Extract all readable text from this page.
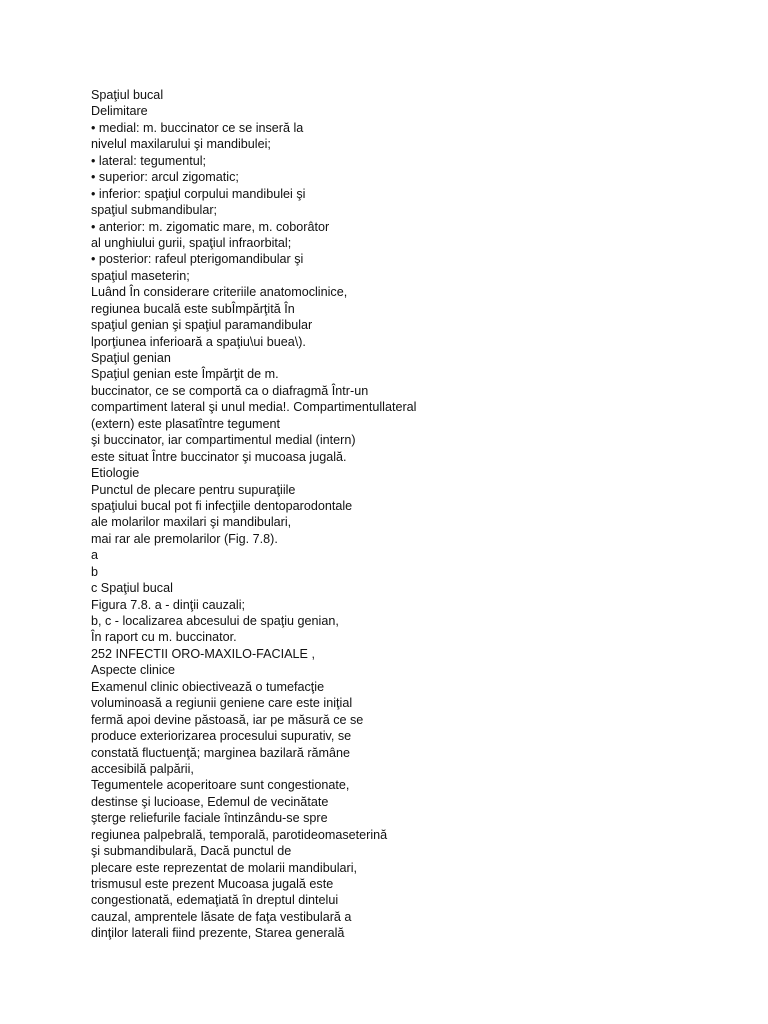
Spaţiul bucal
Delimitare
• medial: m. buccinator ce se inseră la
nivelul maxilarului şi mandibulei;
• lateral: tegumentul;
• superior: arcul zigomatic;
• inferior: spaţiul corpului mandibulei şi
spaţiul submandibular;
• anterior: m. zigomatic mare, m. coborâtor
al unghiului gurii, spaţiul infraorbital;
• posterior: rafeul pterigomandibular şi
spaţiul maseterin;
Luând În considerare criteriile anatomoclinice,
regiunea bucală este subÎmpărţită În
spaţiul genian şi spaţiul paramandibular
lporţiunea inferioară a spaţiu\ui buea\).
Spaţiul genian
Spaţiul genian este Împărţit de m.
buccinator, ce se comportă ca o diafragmă Într-un
compartiment lateral şi unul media!. Compartimentullateral
(extern) este plasatîntre tegument
şi buccinator, iar compartimentul medial (intern)
este situat Între buccinator şi mucoasa jugală.
Etiologie
Punctul de plecare pentru supuraţiile
spaţiului bucal pot fi infecţiile dentoparodontale
ale molarilor maxilari şi mandibulari,
mai rar ale premolarilor (Fig. 7.8).
a
b
c Spaţiul bucal
Figura 7.8. a - dinţii cauzali;
b, c - localizarea abcesului de spaţiu genian,
În raport cu m. buccinator.
252 INFECTII ORO-MAXILO-FACIALE ,
Aspecte clinice
Examenul clinic obiectivează o tumefacţie
voluminoasă a regiunii geniene care este iniţial
fermă apoi devine păstoasă, iar pe măsură ce se
produce exteriorizarea procesului supurativ, se
constată fluctuenţă; marginea bazilară rămâne
accesibilă palpării,
Tegumentele acoperitoare sunt congestionate,
destinse şi lucioase, Edemul de vecinătate
şterge reliefurile faciale întinzându-se spre
regiunea palpebrală, temporală, parotideomaseterină
şi submandibulară, Dacă punctul de
plecare este reprezentat de molarii mandibulari,
trismusul este prezent Mucoasa jugală este
congestionată, edemaţiată în dreptul dintelui
cauzal, amprentele lăsate de faţa vestibulară a
dinţilor laterali fiind prezente, Starea generală
